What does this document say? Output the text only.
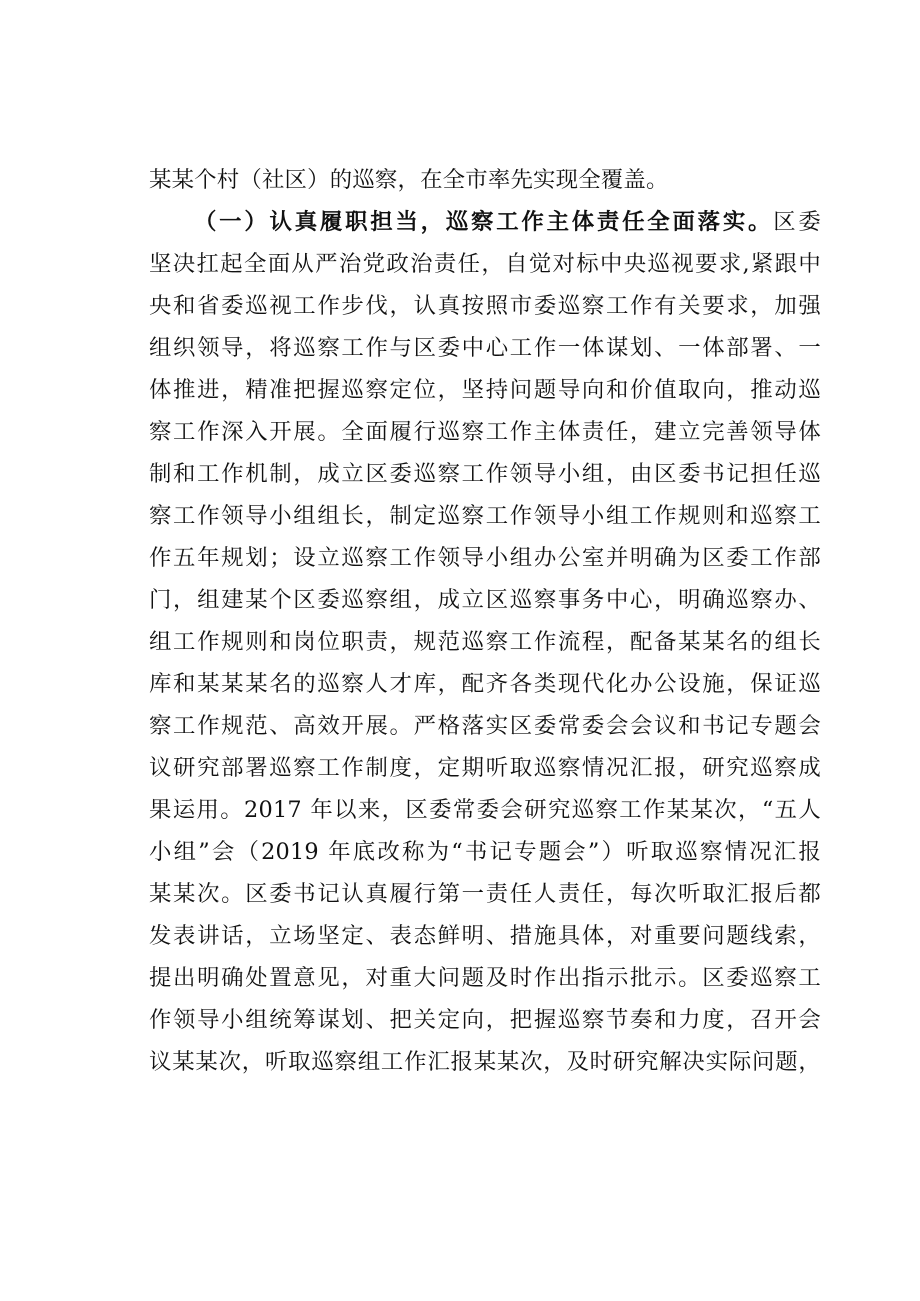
某某个村（社区）的巡察，在全市率先实现全覆盖。
（一）认真履职担当，巡察工作主体责任全面落实。区委
坚决扛起全面从严治党政治责任，自觉对标中央巡视要求,紧跟中
央和省委巡视工作步伐，认真按照市委巡察工作有关要求，加强
组织领导，将巡察工作与区委中心工作一体谋划、一体部署、一
体推进，精准把握巡察定位，坚持问题导向和价值取向，推动巡
察工作深入开展。全面履行巡察工作主体责任，建立完善领导体
制和工作机制，成立区委巡察工作领导小组，由区委书记担任巡
察工作领导小组组长，制定巡察工作领导小组工作规则和巡察工
作五年规划；设立巡察工作领导小组办公室并明确为区委工作部
门，组建某个区委巡察组，成立区巡察事务中心，明确巡察办、
组工作规则和岗位职责，规范巡察工作流程，配备某某名的组长
库和某某某名的巡察人才库，配齐各类现代化办公设施，保证巡
察工作规范、高效开展。严格落实区委常委会会议和书记专题会
议研究部署巡察工作制度，定期听取巡察情况汇报，研究巡察成
果运用。2017 年以来，区委常委会研究巡察工作某某次，“五人
小组”会（2019 年底改称为“书记专题会”）听取巡察情况汇报
某某次。区委书记认真履行第一责任人责任，每次听取汇报后都
发表讲话，立场坚定、表态鲜明、措施具体，对重要问题线索，
提出明确处置意见，对重大问题及时作出指示批示。区委巡察工
作领导小组统筹谋划、把关定向，把握巡察节奏和力度，召开会
议某某次，听取巡察组工作汇报某某次，及时研究解决实际问题，
